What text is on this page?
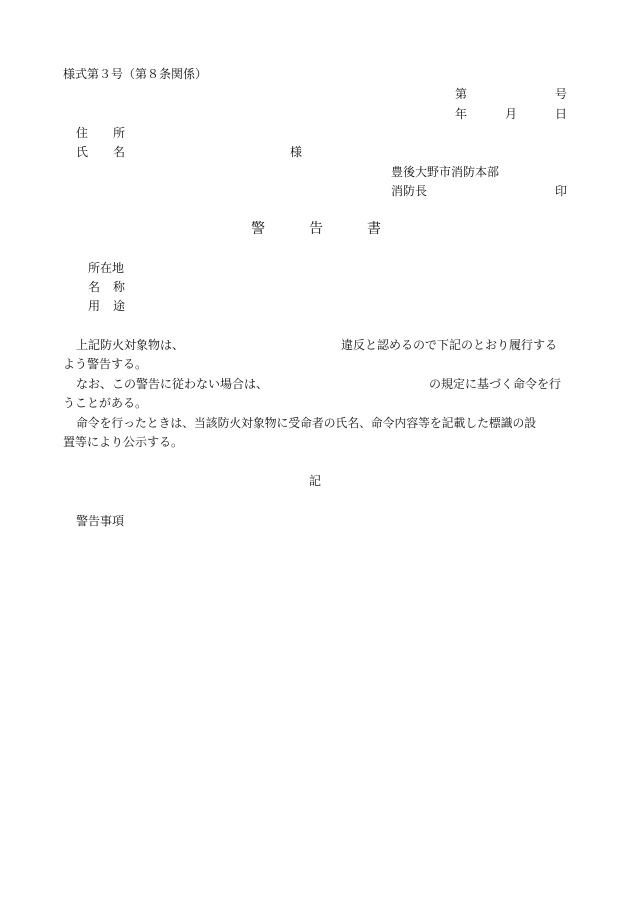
様式第３号（第８条関係）
第	号
年	月	日
住 所
氏 名	様
豊後大野市消防本部
消防長	印
警	告	書
所在地
名 称
用 途
上記防火対象物は、	違反と認めるので下記のとおり履行する
よう警告する。
なお、この警告に従わない場合は、	の規定に基づく命令を行
うことがある。
命令を行ったときは、当該防火対象物に受命者の氏名、命令内容等を記載した標識の設
置等により公示する。
記
警告事項
